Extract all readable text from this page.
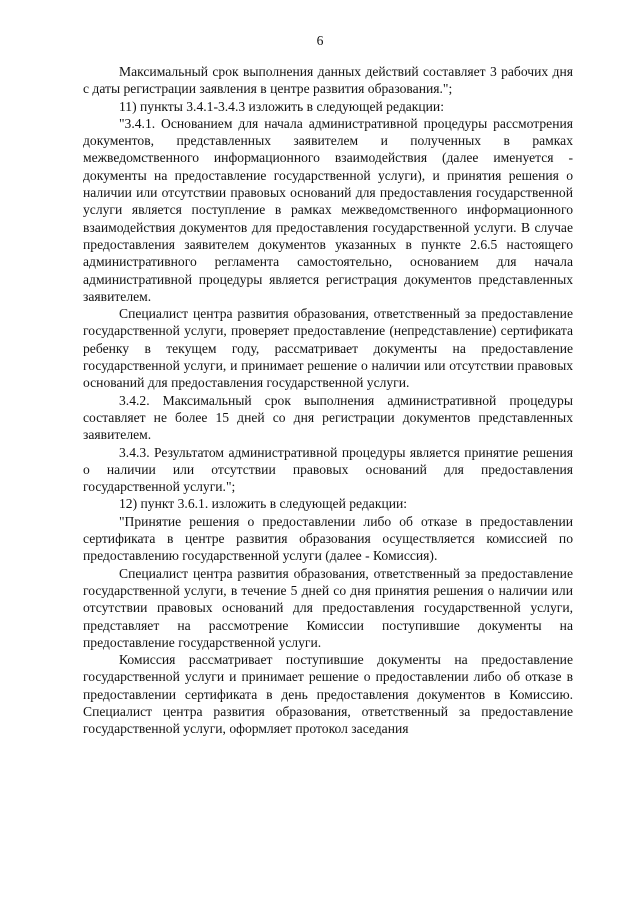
6

Максимальный срок выполнения данных действий составляет 3 рабочих дня с даты регистрации заявления в центре развития образования.";

11) пункты 3.4.1-3.4.3 изложить в следующей редакции:

"3.4.1. Основанием для начала административной процедуры рассмотрения документов, представленных заявителем и полученных в рамках межведомственного информационного взаимодействия (далее именуется - документы на предоставление государственной услуги), и принятия решения о наличии или отсутствии правовых оснований для предоставления государственной услуги является поступление в рамках межведомственного информационного взаимодействия документов для предоставления государственной услуги. В случае предоставления заявителем документов указанных в пункте 2.6.5 настоящего административного регламента самостоятельно, основанием для начала административной процедуры является регистрация документов представленных заявителем.

Специалист центра развития образования, ответственный за предоставление государственной услуги, проверяет предоставление (непредставление) сертификата ребенку в текущем году, рассматривает документы на предоставление государственной услуги, и принимает решение о наличии или отсутствии правовых оснований для предоставления государственной услуги.

3.4.2. Максимальный срок выполнения административной процедуры составляет не более 15 дней со дня регистрации документов представленных заявителем.

3.4.3. Результатом административной процедуры является принятие решения о наличии или отсутствии правовых оснований для предоставления государственной услуги.";

12) пункт 3.6.1. изложить в следующей редакции:

"Принятие решения о предоставлении либо об отказе в предоставлении сертификата в центре развития образования осуществляется комиссией по предоставлению государственной услуги (далее - Комиссия).

Специалист центра развития образования, ответственный за предоставление государственной услуги, в течение 5 дней со дня принятия решения о наличии или отсутствии правовых оснований для предоставления государственной услуги, представляет на рассмотрение Комиссии поступившие документы на предоставление государственной услуги.

Комиссия рассматривает поступившие документы на предоставление государственной услуги и принимает решение о предоставлении либо об отказе в предоставлении сертификата в день предоставления документов в Комиссию. Специалист центра развития образования, ответственный за предоставление государственной услуги, оформляет протокол заседания
